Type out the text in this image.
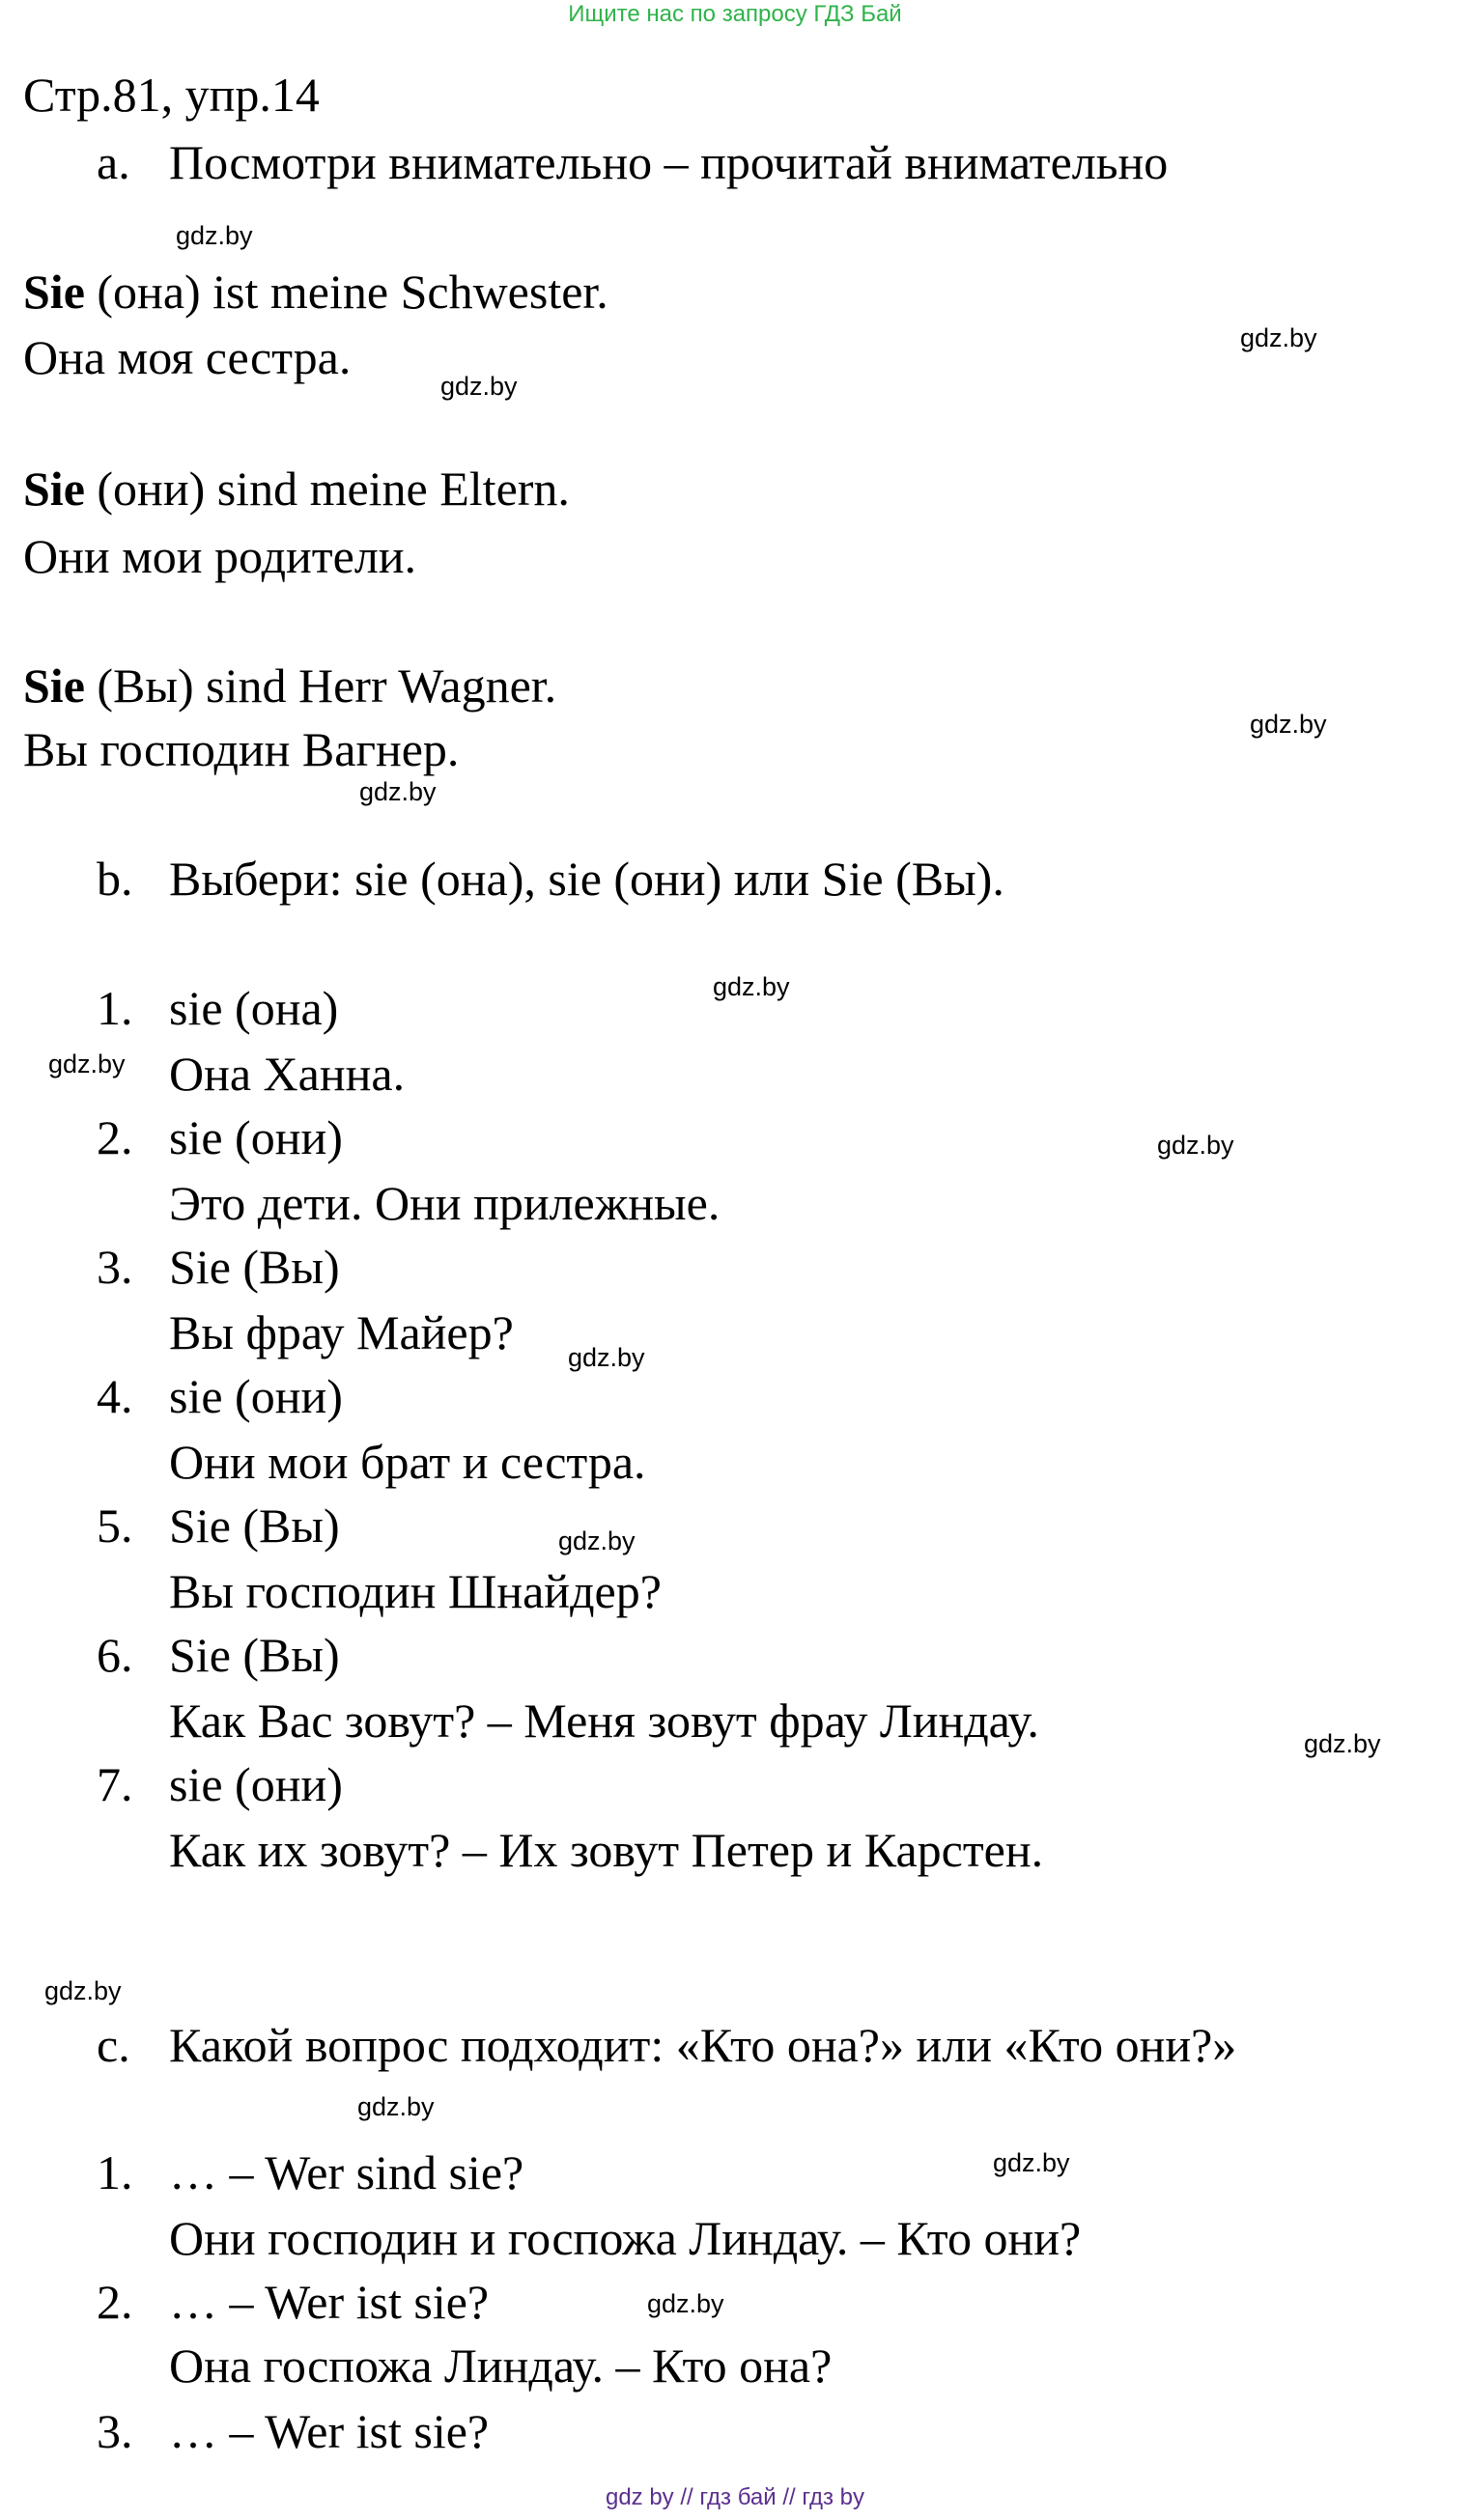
Ищите нас по запросу ГДЗ Бай
Стр.81, упр.14
a. Посмотри внимательно – прочитай внимательно
Sie (она) ist meine Schwester.
Она моя сестра.
Sie (они) sind meine Eltern.
Они мои родители.
Sie (Вы) sind Herr Wagner.
Вы господин Вагнер.
b. Выбери: sie (она), sie (они) или Sie (Вы).
1. sie (она)
Она Ханна.
2. sie (они)
Это дети. Они прилежные.
3. Sie (Вы)
Вы фрау Майер?
4. sie (они)
Они мои брат и сестра.
5. Sie (Вы)
Вы господин Шнайдер?
6. Sie (Вы)
Как Вас зовут? – Меня зовут фрау Линдау.
7. sie (они)
Как их зовут? – Их зовут Петер и Карстен.
c. Какой вопрос подходит: «Кто она?» или «Кто они?»
1. … – Wer sind sie?
Они господин и госпожа Линдау. – Кто они?
2. … – Wer ist sie?
Она госпожа Линдау. – Кто она?
3. … – Wer ist sie?
gdz.by
gdz.by
gdz.by
gdz.by
gdz.by
gdz.by
gdz.by
gdz.by
gdz.by
gdz.by
gdz.by
gdz.by
gdz.by
gdz.by
gdz.by
gdz by // гдз бай // гдз by
